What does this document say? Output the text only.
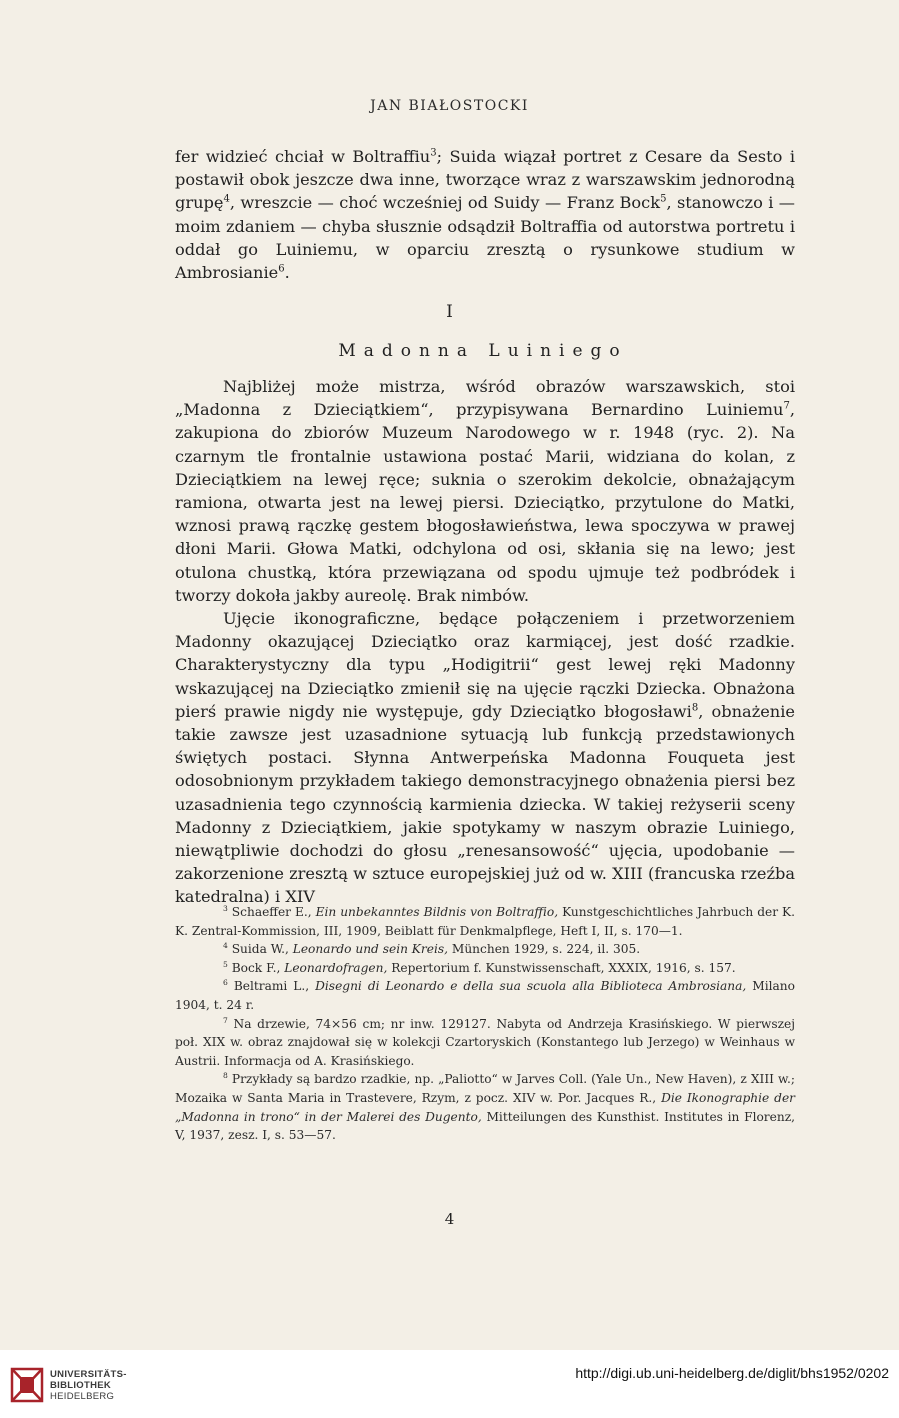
JAN BIAŁOSTOCKI

fer widzieć chciał w Boltraffiu$^3$; Suida wiązał portret z Cesare da Sesto i postawił obok jeszcze dwa inne, tworzące wraz z warszawskim jednorodną grupę$^4$, wreszcie — choć wcześniej od Suidy — Franz Bock$^5$, stanowczo i — moim zdaniem — chyba słusznie odsądził Boltraffia od autorstwa portretu i oddał go Luiniemu, w oparciu zresztą o rysunkowe studium w Ambrosianie$^6$.

I
Madonna Luiniego

Najbliżej może mistrza, wśród obrazów warszawskich, stoi „Madonna z Dzieciątkiem“, przypisywana Bernardino Luiniemu$^7$, zakupiona do zbiorów Muzeum Narodowego w r. 1948 (ryc. 2). Na czarnym tle frontalnie ustawiona postać Marii, widziana do kolan, z Dzieciątkiem na lewej ręce; suknia o szerokim dekolcie, obnażającym ramiona, otwarta jest na lewej piersi. Dzieciątko, przytulone do Matki, wznosi prawą rączkę gestem błogosławieństwa, lewa spoczywa w prawej dłoni Marii. Głowa Matki, odchylona od osi, skłania się na lewo; jest otulona chustką, która przewiązana od spodu ujmuje też podbródek i tworzy dokoła jakby aureolę. Brak nimbów.

Ujęcie ikonograficzne, będące połączeniem i przetworzeniem Madonny okazującej Dzieciątko oraz karmiącej, jest dość rzadkie. Charakterystyczny dla typu „Hodigitrii“ gest lewej ręki Madonny wskazującej na Dzieciątko zmienił się na ujęcie rączki Dziecka. Obnażona pierś prawie nigdy nie występuje, gdy Dzieciątko błogosławi$^8$, obnażenie takie zawsze jest uzasadnione sytuacją lub funkcją przedstawionych świętych postaci. Słynna Antwerpeńska Madonna Fouqueta jest odosobnionym przykładem takiego demonstracyjnego obnażenia piersi bez uzasadnienia tego czynnością karmienia dziecka. W takiej reżyserii sceny Madonny z Dzieciątkiem, jakie spotykamy w naszym obrazie Luiniego, niewątpliwie dochodzi do głosu „renesansowość“ ujęcia, upodobanie — zakorzenione zresztą w sztuce europejskiej już od w. XIII (francuska rzeźba katedralna) i XIV

$^3$ Schaeffer E., Ein unbekanntes Bildnis von Boltraffio, Kunstgeschichtliches Jahrbuch der K. K. Zentral-Kommission, III, 1909, Beiblatt für Denkmalpflege, Heft I, II, s. 170—1.

$^4$ Suida W., Leonardo und sein Kreis, München 1929, s. 224, il. 305.

$^5$ Bock F., Leonardofragen, Repertorium f. Kunstwissenschaft, XXXIX, 1916, s. 157.

$^6$ Beltrami L., Disegni di Leonardo e della sua scuola alla Biblioteca Ambrosiana, Milano 1904, t. 24 r.

$^7$ Na drzewie, 74×56 cm; nr inw. 129127. Nabyta od Andrzeja Krasińskiego. W pierwszej poł. XIX w. obraz znajdował się w kolekcji Czartoryskich (Konstantego lub Jerzego) w Weinhaus w Austrii. Informacja od A. Krasińskiego.

$^8$ Przykłady są bardzo rzadkie, np. „Paliotto“ w Jarves Coll. (Yale Un., New Haven), z XIII w.; Mozaika w Santa Maria in Trastevere, Rzym, z pocz. XIV w. Por. Jacques R., Die Ikonographie der „Madonna in trono“ in der Malerei des Dugento, Mitteilungen des Kunsthist. Institutes in Florenz, V, 1937, zesz. I, s. 53—57.

4
UNIVERSITÄTS-
BIBLIOTHEK
HEIDELBERG
http://digi.ub.uni-heidelberg.de/diglit/bhs1952/0202
